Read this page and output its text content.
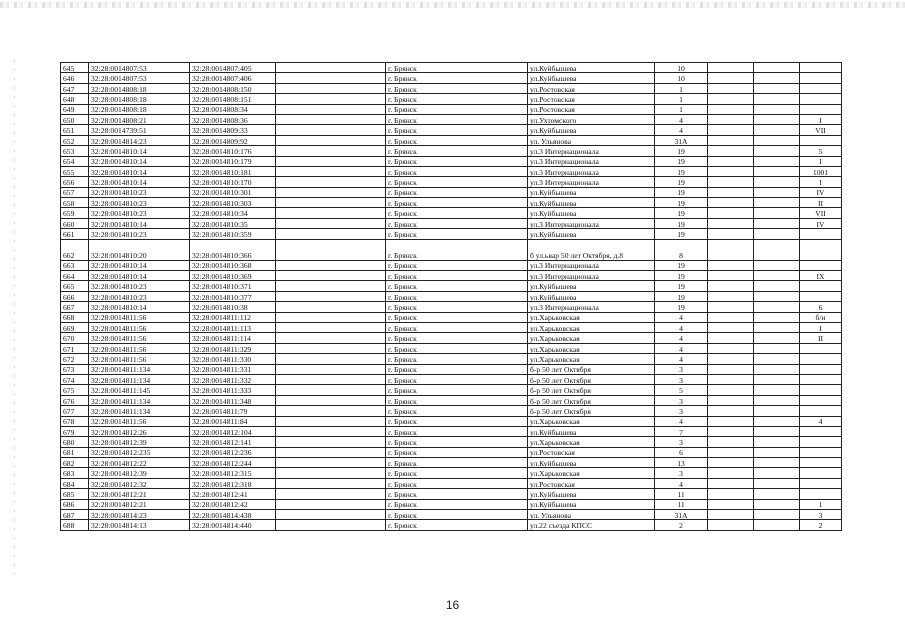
645	32:28:0014807:53	32:28:0014807:405		г. Брянск	ул.Куйбышева	10			
646	32:28:0014807:53	32:28:0014807:406		г. Брянск	ул.Куйбышева	10			
647	32:28:0014808:18	32:28:0014808:150		г. Брянск	ул.Ростовская	1			
648	32:28:0014808:18	32:28:0014808:151		г. Брянск	ул.Ростовская	1			
649	32:28:0014808:18	32:28:0014808:34		г. Брянск	ул.Ростовская	1			
650	32:28:0014808:21	32:28:0014808:36		г. Брянск	ул.Ухтомского	4			I
651	32:28:0014739:51	32:28:0014809:33		г. Брянск	ул.Куйбышева	4			VII
652	32:28:0014814:23	32:28:0014809:92		г. Брянск	ул. Ульянова	31А			
653	32:28:0014810:14	32:28:0014810:176		г. Брянск	ул.3 Интернационала	19			5
654	32:28:0014810:14	32:28:0014810:179		г. Брянск	ул.3 Интернационала	19			I
655	32:28:0014810:14	32:28:0014810:181		г. Брянск	ул.3 Интернационала	19			1001
656	32:28:0014810:14	32:28:0014810:170		г. Брянск	ул.3 Интернационала	19			I
657	32:28:0014810:23	32:28:0014810:301		г. Брянск	ул.Куйбышева	19			IV
658	32:28:0014810:23	32:28:0014810:303		г. Брянск	ул.Куйбышева	19			II
659	32:28:0014810:23	32:28:0014810:34		г. Брянск	ул.Куйбышева	19			VII
660	32:28:0014810:14	32:28:0014810:35		г. Брянск	ул.3 Интернационала	19			IV
661	32:28:0014810:23	32:28:0014810:359		г. Брянск	ул.Куйбышева	19			
662	32:28:0014810:20	32:28:0014810:366		г. Брянск	б ул.ьвар 50 лет Октября, д.8	8			
663	32:28:0014810:14	32:28:0014810:368		г. Брянск	ул.3 Интернационала	19			
664	32:28:0014810:14	32:28:0014810:369		г. Брянск	ул.3 Интернационала	19			IX
665	32:28:0014810:23	32:28:0014810:371		г. Брянск	ул.Куйбышева	19			
666	32:28:0014810:23	32:28:0014810:377		г. Брянск	ул.Куйбышева	19			
667	32:28:0014810:14	32:28:0014810:38		г. Брянск	ул.3 Интернационала	19			6
668	32:28:0014811:56	32:28:0014811:112		г. Брянск	ул.Харьковская	4			б/н
669	32:28:0014811:56	32:28:0014811:113		г. Брянск	ул.Харьковская	4			I
670	32:28:0014811:56	32:28:0014811:114		г. Брянск	ул.Харьковская	4			II
671	32:28:0014811:56	32:28:0014811:329		г. Брянск	ул.Харьковская	4			
672	32:28:0014811:56	32:28:0014811:330		г. Брянск	ул.Харьковская	4			
673	32:28:0014811:134	32:28:0014811:331		г. Брянск	б-р 50 лет Октября	3			
674	32:28:0014811:134	32:28:0014811:332		г. Брянск	б-р 50 лет Октября	3			
675	32:28:0014811:145	32:28:0014811:333		г. Брянск	б-р 50 лет Октября	5			
676	32:28:0014811:134	32:28:0014811:348		г. Брянск	б-р 50 лет Октября	3			
677	32:28:0014811:134	32:28:0014811:79		г. Брянск	б-р 50 лет Октября	3			
678	32:28:0014811:56	32:28:0014811:84		г. Брянск	ул.Харьковская	4			4
679	32:28:0014812:26	32:28:0014812:104		г. Брянск	ул.Куйбышева	7			
680	32:28:0014812:39	32:28:0014812:141		г. Брянск	ул.Харьковская	3			
681	32:28:0014812:235	32:28:0014812:236		г. Брянск	ул.Ростовская	6			
682	32:28:0014812:22	32:28:0014812:244		г. Брянск	ул.Куйбышева	13			
683	32:28:0014812:39	32:28:0014812:315		г. Брянск	ул.Харьковская	3			
684	32:28:0014812:32	32:28:0014812:318		г. Брянск	ул.Ростовская	4			
685	32:28:0014812:21	32:28:0014812:41		г. Брянск	ул.Куйбышева	11			
686	32:28:0014812:21	32:28:0014812:42		г. Брянск	ул.Куйбышева	11			1
687	32:28:0014814:23	32:28:0014814:438		г. Брянск	ул. Ульянова	31А			3
688	32:28:0014814:13	32:28:0014814:440		г. Брянск	ул.22 съезда КПСС	2			2
16
